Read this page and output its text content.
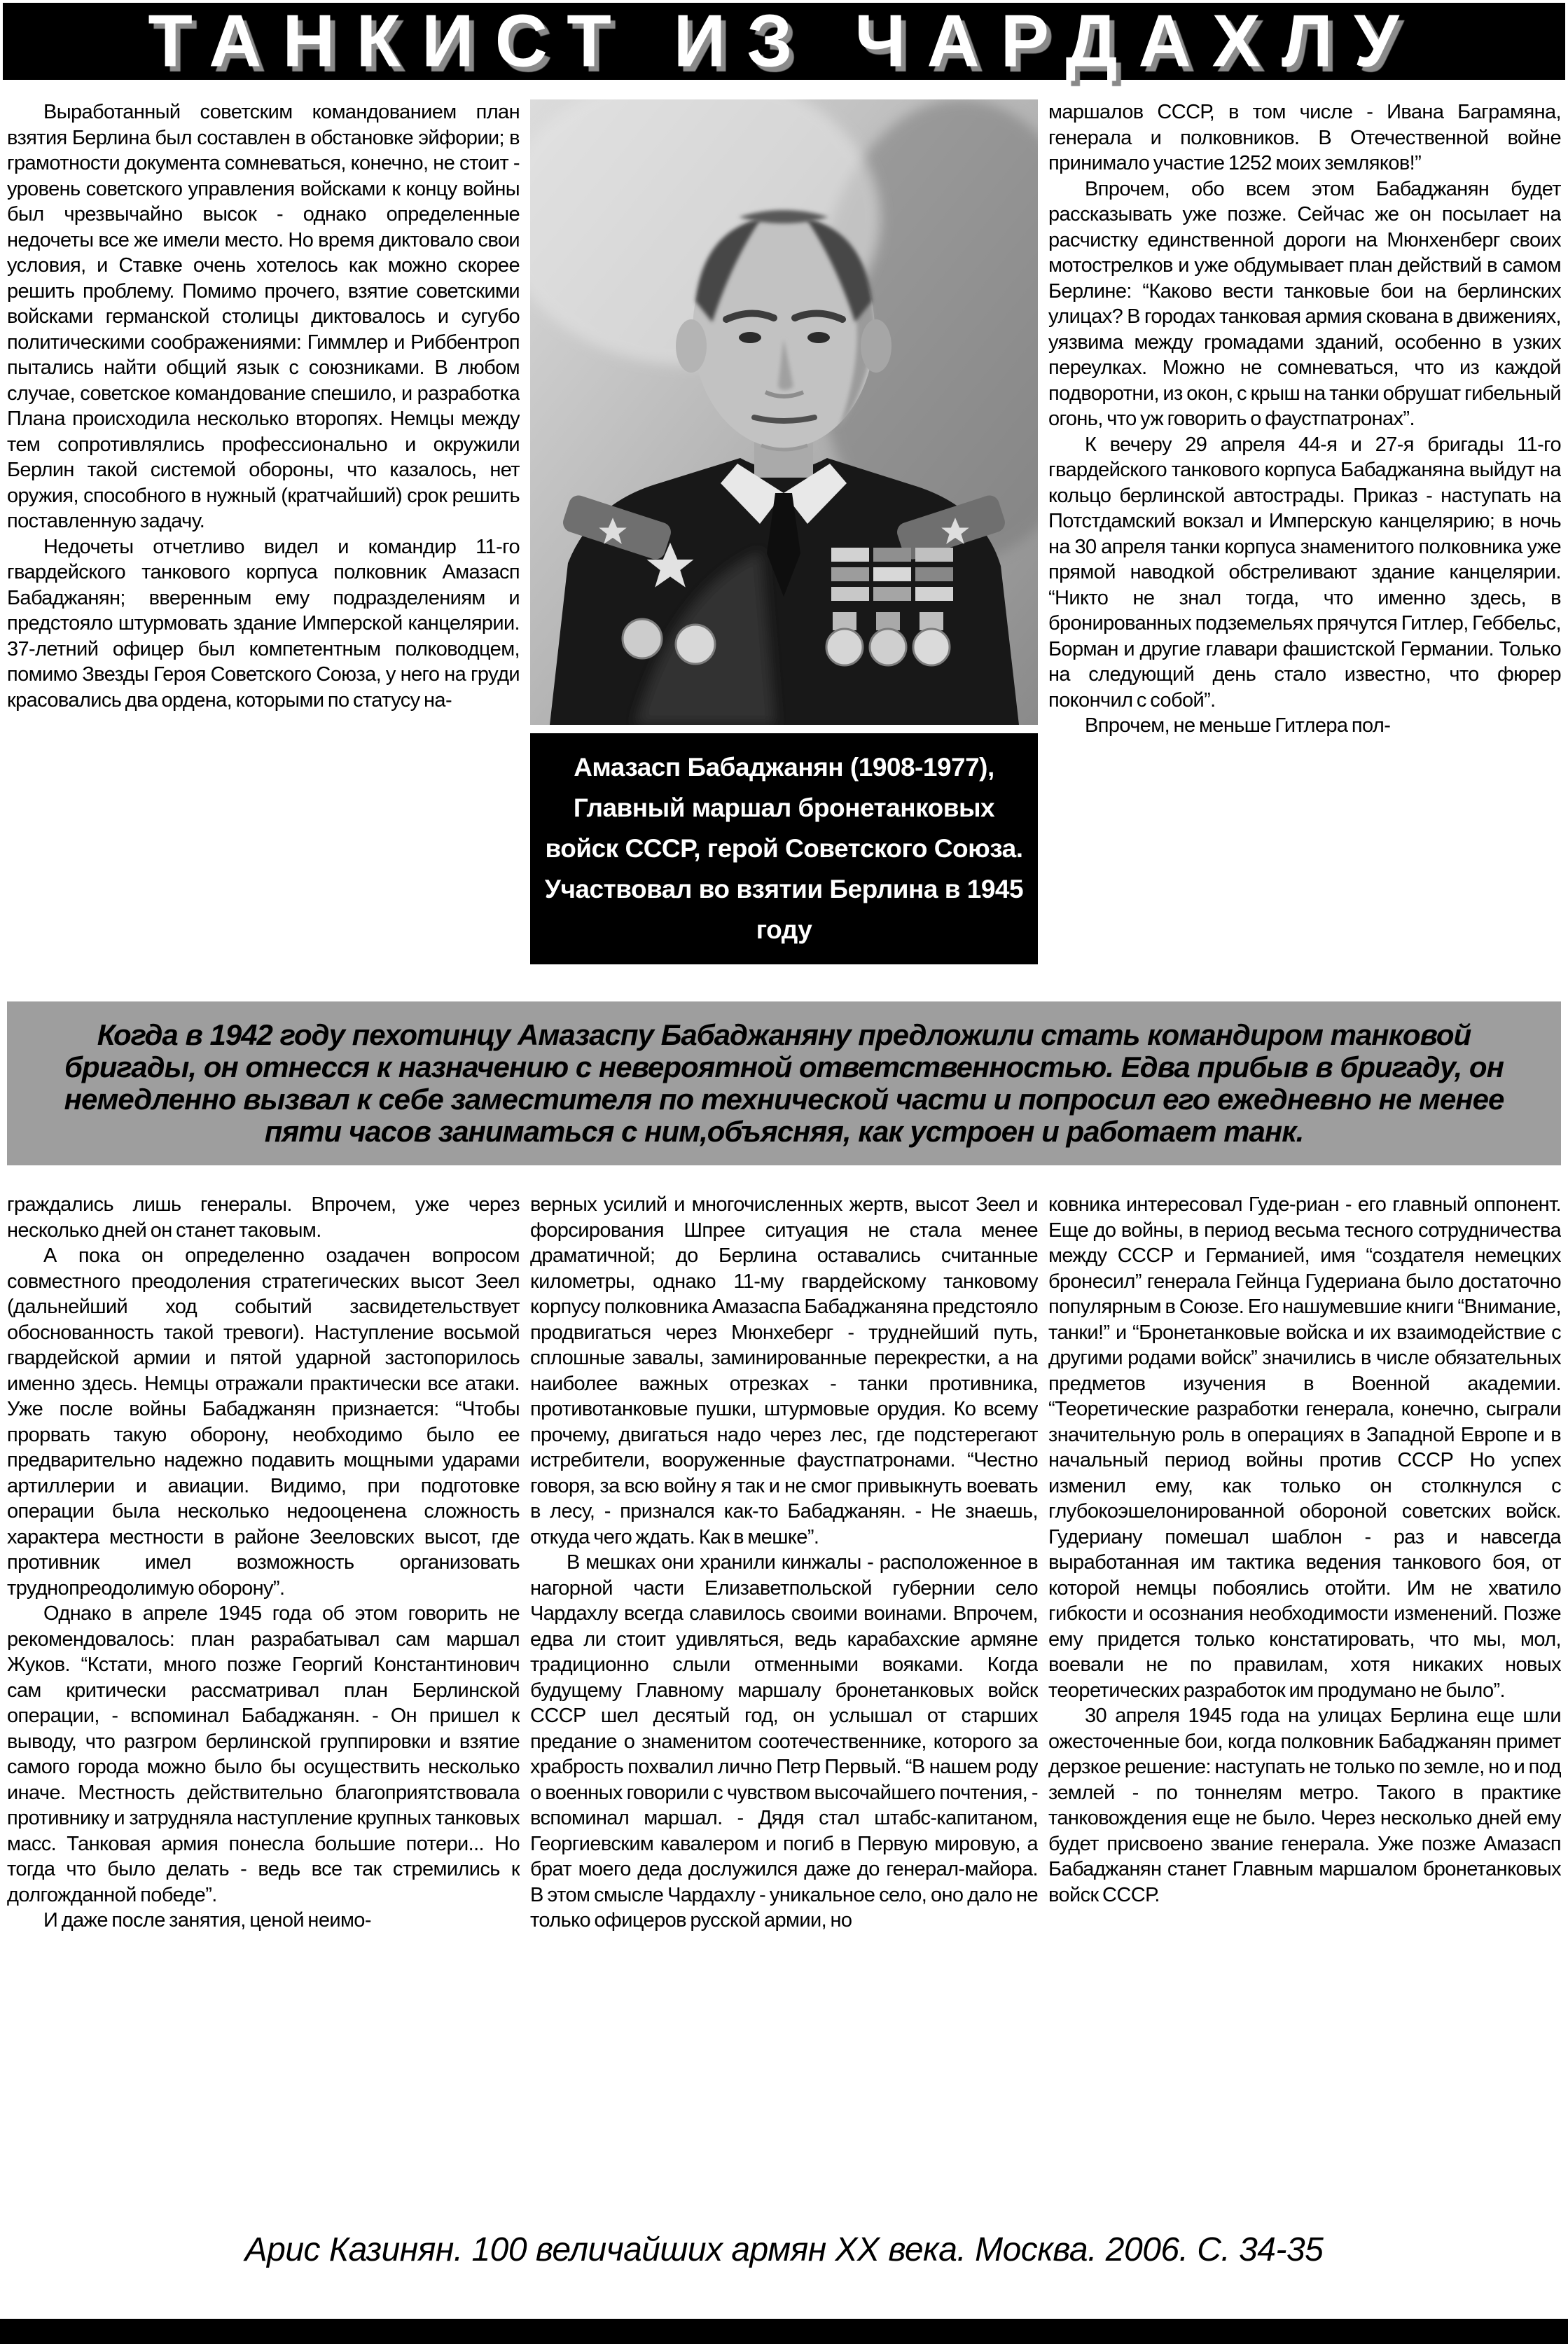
ТАНКИСТ ИЗ ЧАРДАХЛУ

Выработанный советским командованием план взятия Берлина был составлен в обстановке эйфории; в грамотности документа сомневаться, конечно, не стоит - уровень советского управления войсками к концу войны был чрезвычайно высок - однако определенные недочеты все же имели место. Но время диктовало свои условия, и Ставке очень хотелось как можно скорее решить проблему. Помимо прочего, взятие советскими войсками германской столицы диктовалось и сугубо политическими соображениями: Гиммлер и Риббентроп пытались найти общий язык с союзниками. В любом случае, советское командование спешило, и разработка Плана происходила несколько второпях. Немцы между тем сопротивлялись профессионально и окружили Берлин такой системой обороны, что казалось, нет оружия, способного в нужный (кратчайший) срок решить поставленную задачу.

Недочеты отчетливо видел и командир 11-го гвардейского танкового корпуса полковник Амазасп Бабаджанян; вверенным ему подразделениям и предстояло штурмовать здание Имперской канцелярии. 37-летний офицер был компетентным полководцем, помимо Звезды Героя Советского Союза, у него на груди красовались два ордена, которыми по статусу на-

Амазасп Бабаджанян (1908-1977), Главный маршал бронетанковых войск СССР, герой Советского Союза. Участвовал во взятии Берлина в 1945 году

маршалов СССР, в том числе - Ивана Баграмяна, генерала и полковников. В Отечественной войне принимало участие 1252 моих земляков!”

Впрочем, обо всем этом Бабаджанян будет рассказывать уже позже. Сейчас же он посылает на расчистку единственной дороги на Мюнхенберг своих мотострелков и уже обдумывает план действий в самом Берлине: “Каково вести танковые бои на берлинских улицах? В городах танковая армия скована в движениях, уязвима между громадами зданий, особенно в узких переулках. Можно не сомневаться, что из каждой подворотни, из окон, с крыш на танки обрушат гибельный огонь, что уж говорить о фаустпатронах”.

К вечеру 29 апреля 44-я и 27-я бригады 11-го гвардейского танкового корпуса Бабаджаняна выйдут на кольцо берлинской автострады. Приказ - наступать на Потстдамский вокзал и Имперскую канцелярию; в ночь на 30 апреля танки корпуса знаменитого полковника уже прямой наводкой обстреливают здание канцелярии. “Никто не знал тогда, что именно здесь, в бронированных подземельях прячутся Гитлер, Геббельс, Борман и другие главари фашистской Германии. Только на следующий день стало известно, что фюрер покончил с собой”.

Впрочем, не меньше Гитлера пол-

Когда в 1942 году пехотинцу Амазаспу Бабаджаняну предложили стать командиром танковой бригады, он отнесся к назначению с невероятной ответственностью. Едва прибыв в бригаду, он немедленно вызвал к себе заместителя по технической части и попросил его ежедневно не менее пяти часов заниматься с ним,объясняя, как устроен и работает танк.

граждались лишь генералы. Впрочем, уже через несколько дней он станет таковым.

А пока он определенно озадачен вопросом совместного преодоления стратегических высот Зеел (дальнейший ход событий засвидетельствует обоснованность такой тревоги). Наступление восьмой гвардейской армии и пятой ударной застопорилось именно здесь. Немцы отражали практически все атаки. Уже после войны Бабаджанян признается: “Чтобы прорвать такую оборону, необходимо было ее предварительно надежно подавить мощными ударами артиллерии и авиации. Видимо, при подготовке операции была несколько недооценена сложность характера местности в районе Зееловских высот, где противник имел возможность организовать труднопреодолимую оборону”.

Однако в апреле 1945 года об этом говорить не рекомендовалось: план разрабатывал сам маршал Жуков. “Кстати, много позже Георгий Константинович сам критически рассматривал план Берлинской операции, - вспоминал Бабаджанян. - Он пришел к выводу, что разгром берлинской группировки и взятие самого города можно было бы осуществить несколько иначе. Местность действительно благоприятствовала противнику и затрудняла наступление крупных танковых масс. Танковая армия понесла большие потери... Но тогда что было делать - ведь все так стремились к долгожданной победе”.

И даже после занятия, ценой неимо-

верных усилий и многочисленных жертв, высот Зеел и форсирования Шпрее ситуация не стала менее драматичной; до Берлина оставались считанные километры, однако 11-му гвардейскому танковому корпусу полковника Амазаспа Бабаджаняна предстояло продвигаться через Мюнхеберг - труднейший путь, сплошные завалы, заминированные перекрестки, а на наиболее важных отрезках - танки противника, противотанковые пушки, штурмовые орудия. Ко всему прочему, двигаться надо через лес, где подстерегают истребители, вооруженные фаустпатронами. “Честно говоря, за всю войну я так и не смог привыкнуть воевать в лесу, - признался как-то Бабаджанян. - Не знаешь, откуда чего ждать. Как в мешке”.

В мешках они хранили кинжалы - расположенное в нагорной части Елизаветпольской губернии село Чардахлу всегда славилось своими воинами. Впрочем, едва ли стоит удивляться, ведь карабахские армяне традиционно слыли отменными вояками. Когда будущему Главному маршалу бронетанковых войск СССР шел десятый год, он услышал от старших предание о знаменитом соотечественнике, которого за храбрость похвалил лично Петр Первый. “В нашем роду о военных говорили с чувством высочайшего почтения, - вспоминал маршал. - Дядя стал штабс-капитаном, Георгиевским кавалером и погиб в Первую мировую, а брат моего деда дослужился даже до генерал-майора. В этом смысле Чардахлу - уникальное село, оно дало не только офицеров русской армии, но

ковника интересовал Гуде-риан - его главный оппонент. Еще до войны, в период весьма тесного сотрудничества между СССР и Германией, имя “создателя немецких бронесил” генерала Гейнца Гудериана было достаточно популярным в Союзе. Его нашумевшие книги “Внимание, танки!” и “Бронетанковые войска и их взаимодействие с другими родами войск” значились в числе обязательных предметов изучения в Военной академии. “Теоретические разработки генерала, конечно, сыграли значительную роль в операциях в Западной Европе и в начальный период войны против СССР Но успех изменил ему, как только он столкнулся с глубокоэшелонированной обороной советских войск. Гудериану помешал шаблон - раз и навсегда выработанная им тактика ведения танкового боя, от которой немцы побоялись отойти. Им не хватило гибкости и осознания необходимости изменений. Позже ему придется только констатировать, что мы, мол, воевали не по правилам, хотя никаких новых теоретических разработок им продумано не было”.

30 апреля 1945 года на улицах Берлина еще шли ожесточенные бои, когда полковник Бабаджанян примет дерзкое решение: наступать не только по земле, но и под землей - по тоннелям метро. Такого в практике танковождения еще не было. Через несколько дней ему будет присвоено звание генерала. Уже позже Амазасп Бабаджанян станет Главным маршалом бронетанковых войск СССР.

Арис Казинян. 100 величайших армян XX века. Москва. 2006. С. 34-35
